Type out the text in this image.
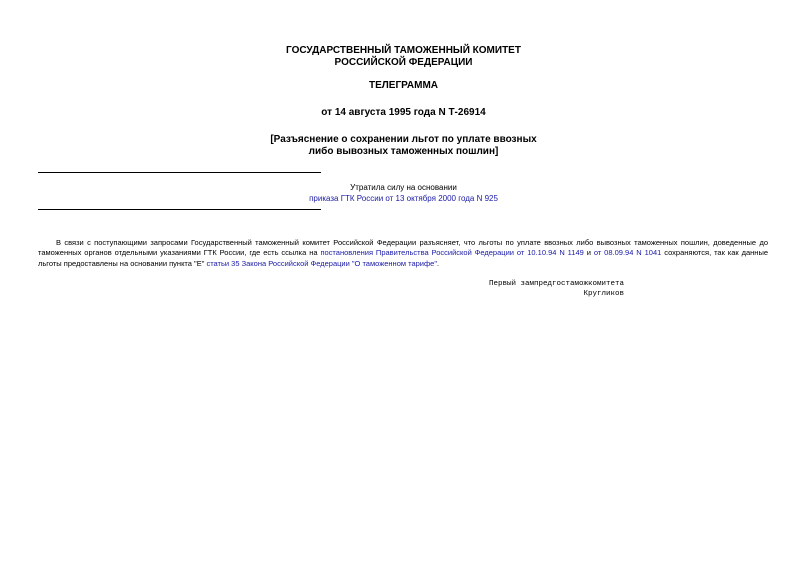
ГОСУДАРСТВЕННЫЙ ТАМОЖЕННЫЙ КОМИТЕТ
РОССИЙСКОЙ ФЕДЕРАЦИИ
ТЕЛЕГРАММА
от 14 августа 1995 года N Т-26914
[Разъяснение о сохранении льгот по уплате ввозных
либо вывозных таможенных пошлин]
Утратила силу на основании
приказа ГТК России от 13 октября 2000 года N 925

В связи с поступающими запросами Государственный таможенный комитет Российской Федерации разъясняет, что льготы по уплате ввозных либо вывозных таможенных пошлин, доведенные до таможенных органов отдельными указаниями ГТК России, где есть ссылка на постановления Правительства Российской Федерации от 10.10.94 N 1149 и от 08.09.94 N 1041 сохраняются, так как данные льготы предоставлены на основании пункта "Е" статьи 35 Закона Российской Федерации "О таможенном тарифе".

Первый зампредгостаможкомитета
Кругликов
